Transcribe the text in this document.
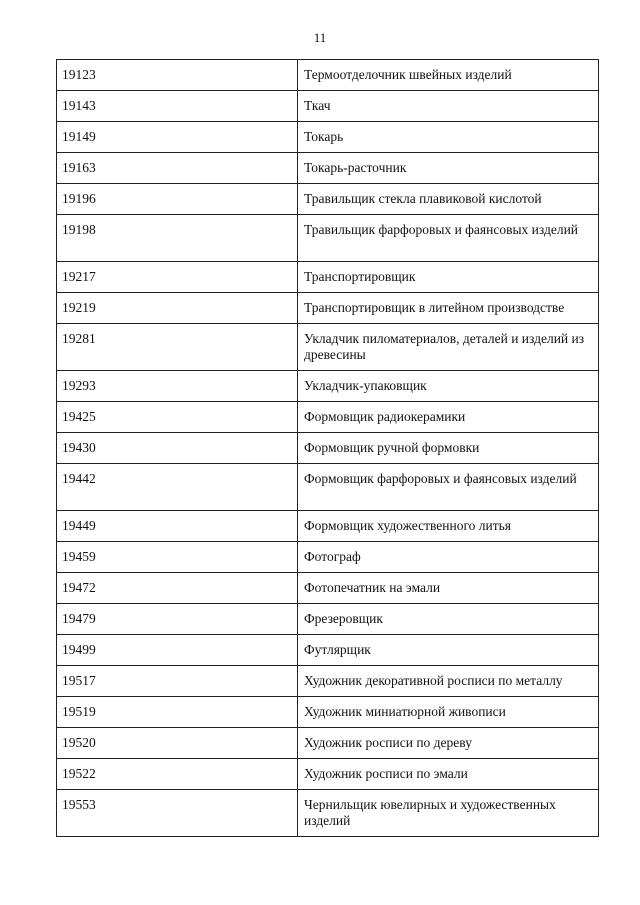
11
19123	Термоотделочник швейных изделий
19143	Ткач
19149	Токарь
19163	Токарь-расточник
19196	Травильщик стекла плавиковой кислотой
19198	Травильщик фарфоровых и фаянсовых изделий
19217	Транспортировщик
19219	Транспортировщик в литейном производстве
19281	Укладчик пиломатериалов, деталей и изделий из древесины
19293	Укладчик-упаковщик
19425	Формовщик радиокерамики
19430	Формовщик ручной формовки
19442	Формовщик фарфоровых и фаянсовых изделий
19449	Формовщик художественного литья
19459	Фотограф
19472	Фотопечатник на эмали
19479	Фрезеровщик
19499	Футлярщик
19517	Художник декоративной росписи по металлу
19519	Художник миниатюрной живописи
19520	Художник росписи по дереву
19522	Художник росписи по эмали
19553	Чернильщик ювелирных и художественных изделий
